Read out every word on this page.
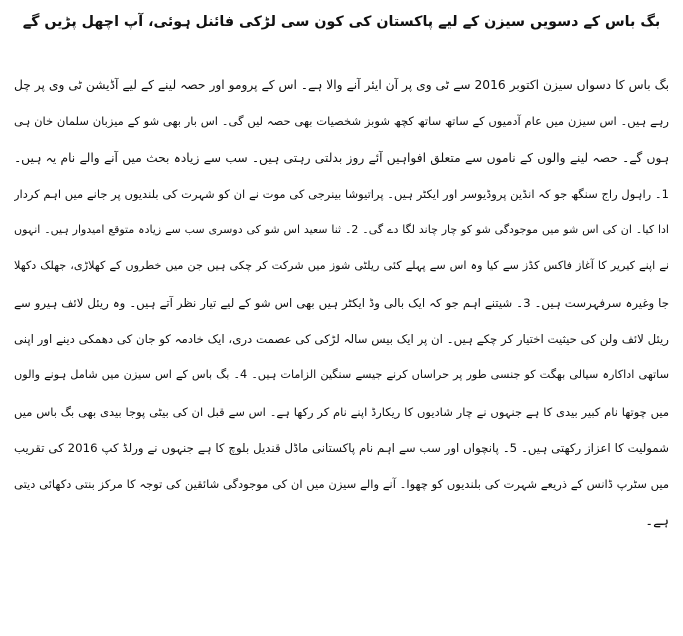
بگ باس کے دسویں سیزن کے لیے پاکستان کی کون سی لڑکی فائنل ہوئی، آپ اچھل پڑیں گے
بگ باس کا دسواں سیزن اکتوبر 2016 سے ٹی وی پر آن ایئر آنے والا ہے۔ اس کے پرومو اور حصہ لینے کے لیے آڈیشن ٹی وی پر چل
رہے ہیں۔ اس سیزن میں عام آدمیوں کے ساتھ ساتھ کچھ شوبز شخصیات بھی حصہ لیں گی۔ اس بار بھی شو کے میزبان سلمان خان ہی
ہوں گے۔ حصہ لینے والوں کے ناموں سے متعلق افواہیں آئے روز بدلتی رہتی ہیں۔ سب سے زیادہ بحث میں آنے والے نام یہ ہیں۔
1۔ راہول راج سنگھ جو کہ انڈین پروڈیوسر اور ایکٹر ہیں۔ پراتیوشا بینرجی کی موت نے ان کو شہرت کی بلندیوں پر جانے میں اہم کردار
ادا کیا۔ ان کی اس شو میں موجودگی شو کو چار چاند لگا دے گی۔ 2۔ ثنا سعید اس شو کی دوسری سب سے زیادہ متوقع امیدوار ہیں۔ انہوں
نے اپنے کیریر کا آغاز فاکس کڈز سے کیا وہ اس سے پہلے کئی ریلٹی شوز میں شرکت کر چکی ہیں جن میں خطروں کے کھلاڑی، جھلک دکھلا
جا وغیرہ سرفہرست ہیں۔ 3۔ شیتنے اہم جو کہ ایک بالی وڈ ایکٹر ہیں بھی اس شو کے لیے تیار نظر آتے ہیں۔ وہ ریئل لائف ہیرو سے
ریئل لائف ولن کی حیثیت اختیار کر چکے ہیں۔ ان پر ایک بیس سالہ لڑکی کی عصمت دری، ایک خادمہ کو جان کی دھمکی دینے اور اپنی
ساتھی اداکارہ سیالی بھگت کو جنسی طور پر حراساں کرنے جیسے سنگین الزامات ہیں۔ 4۔ بگ باس کے اس سیزن میں شامل ہونے والوں
میں چوتھا نام کبیر بیدی کا ہے جنہوں نے چار شادیوں کا ریکارڈ اپنے نام کر رکھا ہے۔ اس سے قبل ان کی بیٹی پوجا بیدی بھی بگ باس میں
شمولیت کا اعزاز رکھتی ہیں۔ 5۔ پانچواں اور سب سے اہم نام پاکستانی ماڈل قندیل بلوچ کا ہے جنہوں نے ورلڈ کپ 2016 کی تقریب
میں سٹرپ ڈانس کے ذریعے شہرت کی بلندیوں کو چھوا۔ آنے والے سیزن میں ان کی موجودگی شائقین کی توجہ کا مرکز بنتی دکھائی دیتی
ہے۔
